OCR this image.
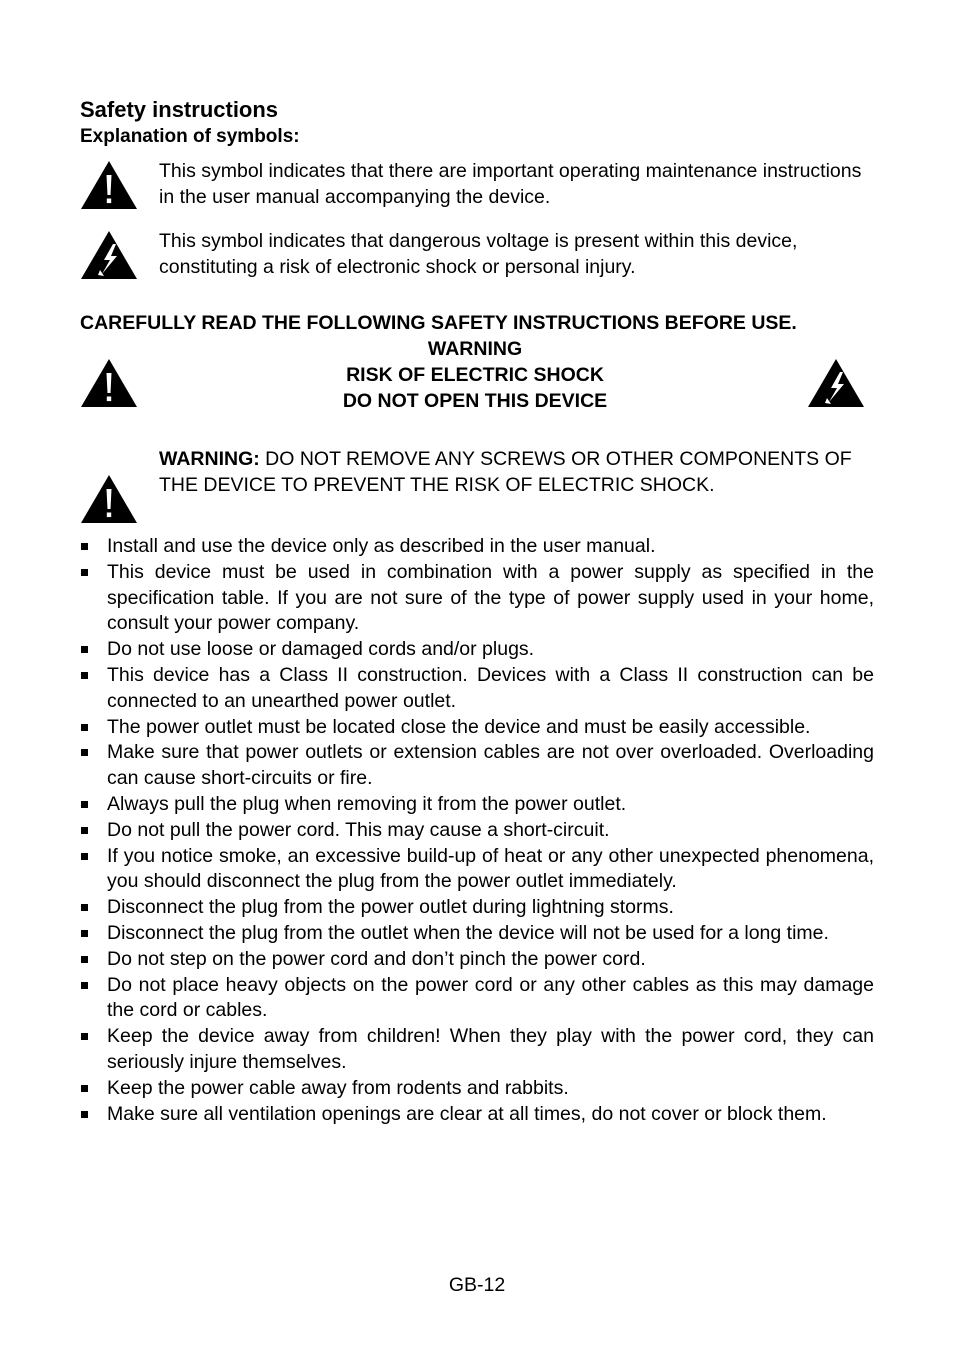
Safety instructions
Explanation of symbols:
This symbol indicates that there are important operating maintenance instructions in the user manual accompanying the device.
This symbol indicates that dangerous voltage is present within this device, constituting a risk of electronic shock or personal injury.

CAREFULLY READ THE FOLLOWING SAFETY INSTRUCTIONS BEFORE USE.

WARNING
RISK OF ELECTRIC SHOCK
DO NOT OPEN THIS DEVICE
WARNING: DO NOT REMOVE ANY SCREWS OR OTHER COMPONENTS OF THE DEVICE TO PREVENT THE RISK OF ELECTRIC SHOCK.
Install and use the device only as described in the user manual.
This device must be used in combination with a power supply as specified in the specification table. If you are not sure of the type of power supply used in your home, consult your power company.
Do not use loose or damaged cords and/or plugs.
This device has a Class II construction. Devices with a Class II construction can be connected to an unearthed power outlet.
The power outlet must be located close the device and must be easily accessible.
Make sure that power outlets or extension cables are not over overloaded. Overloading can cause short-circuits or fire.
Always pull the plug when removing it from the power outlet.
Do not pull the power cord. This may cause a short-circuit.
If you notice smoke, an excessive build-up of heat or any other unexpected phenomena, you should disconnect the plug from the power outlet immediately.
Disconnect the plug from the power outlet during lightning storms.
Disconnect the plug from the outlet when the device will not be used for a long time.
Do not step on the power cord and don’t pinch the power cord.
Do not place heavy objects on the power cord or any other cables as this may damage the cord or cables.
Keep the device away from children! When they play with the power cord, they can seriously injure themselves.
Keep the power cable away from rodents and rabbits.
Make sure all ventilation openings are clear at all times, do not cover or block them.
GB-12
